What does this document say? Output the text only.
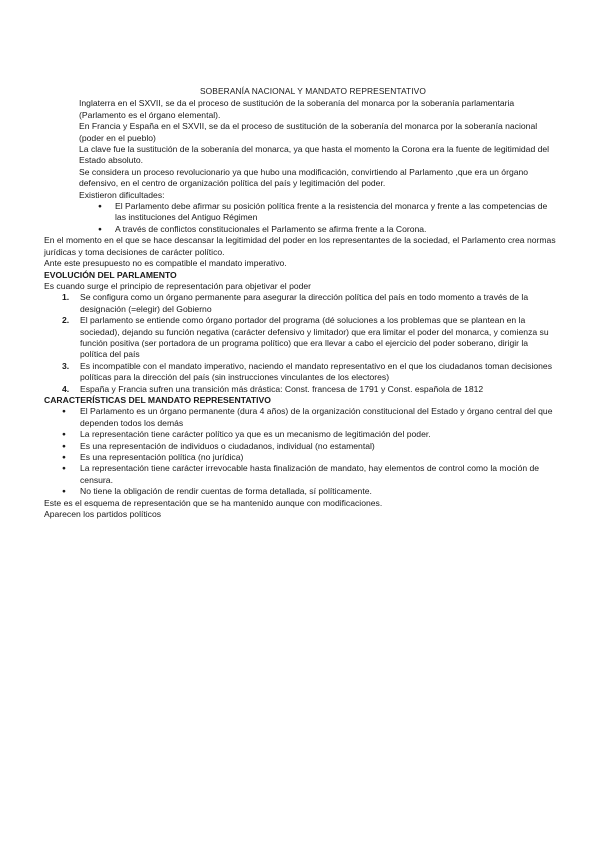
SOBERANÍA NACIONAL Y MANDATO REPRESENTATIVO

Inglaterra en el SXVII, se da el proceso de sustitución de la soberanía del monarca por la soberanía parlamentaria (Parlamento es el órgano elemental).

En Francia y España en el SXVII, se da el proceso de sustitución de la soberanía del monarca por la soberanía nacional (poder en el pueblo)

La clave fue la sustitución de la soberanía del monarca, ya que hasta el momento la Corona era la fuente de legitimidad del Estado absoluto.

Se considera un proceso revolucionario ya que hubo una modificación, convirtiendo al Parlamento ,que era un órgano defensivo, en el centro de organización política del país y legitimación del poder.

Existieron dificultades:

● El Parlamento debe afirmar su posición política frente a la resistencia del monarca y frente a las competencias de las instituciones del Antiguo Régimen
● A través de conflictos constitucionales el Parlamento se afirma frente a la Corona.

En el momento en el que se hace descansar la legitimidad del poder en los representantes de la sociedad, el Parlamento crea normas jurídicas y toma decisiones de carácter político.

Ante este presupuesto no es compatible el mandato imperativo.

EVOLUCIÓN DEL PARLAMENTO

Es cuando surge el principio de representación para objetivar el poder

1. Se configura como un órgano permanente para asegurar la dirección política del país en todo momento a través de la designación (=elegir) del Gobierno
2. El parlamento se entiende como órgano portador del programa (dé soluciones a los problemas que se plantean en la sociedad), dejando su función negativa (carácter defensivo y limitador) que era limitar el poder del monarca, y comienza su función positiva (ser portadora de un programa político) que era llevar a cabo el ejercicio del poder soberano, dirigir la política del país
3. Es incompatible con el mandato imperativo, naciendo el mandato representativo en el que los ciudadanos toman decisiones políticas para la dirección del país (sin instrucciones vinculantes de los electores)
4. España y Francia sufren una transición más drástica: Const. francesa de 1791 y Const. española de 1812

CARACTERÍSTICAS DEL MANDATO REPRESENTATIVO

● El Parlamento es un órgano permanente (dura 4 años) de la organización constitucional del Estado y órgano central del que dependen todos los demás
● La representación tiene carácter político ya que es un mecanismo de legitimación del poder.
● Es una representación de individuos o ciudadanos, individual (no estamental)
● Es una representación política (no jurídica)
● La representación tiene carácter irrevocable hasta finalización de mandato, hay elementos de control como la moción de censura.
● No tiene la obligación de rendir cuentas de forma detallada, sí políticamente.

Este es el esquema de representación que se ha mantenido aunque con modificaciones.

Aparecen los partidos políticos
